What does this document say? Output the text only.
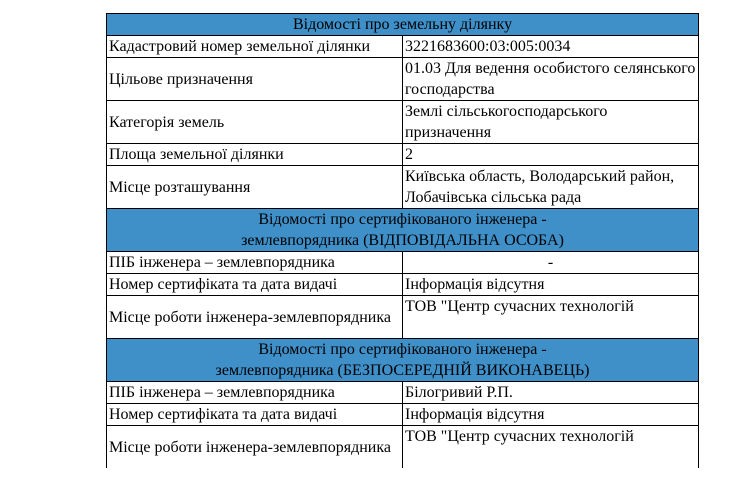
Відомості про земельну ділянку	
Кадастровий номер земельної ділянки	3221683600:03:005:0034
Цільове призначення	01.03 Для ведення особистого селянського господарства
Категорія земель	Землі сільськогосподарського призначення
Площа земельної ділянки	2
Місце розташування	Київська область, Володарський район, Лобачівська сільська рада

Відомості про сертифікованого інженера -
землевпорядника (ВІДПОВІДАЛЬНА ОСОБА)	

ПІБ інженера – землевпорядника	-
Номер сертифіката та дата видачі	Інформація відсутня
Місце роботи інженера-землевпорядника	ТОВ "Центр сучасних технологій

Відомості про сертифікованого інженера -
землевпорядника (БЕЗПОСЕРЕДНІЙ ВИКОНАВЕЦЬ)	

ПІБ інженера – землевпорядника	Білогривий Р.П.
Номер сертифіката та дата видачі	Інформація відсутня
Місце роботи інженера-землевпорядника	ТОВ "Центр сучасних технологій
